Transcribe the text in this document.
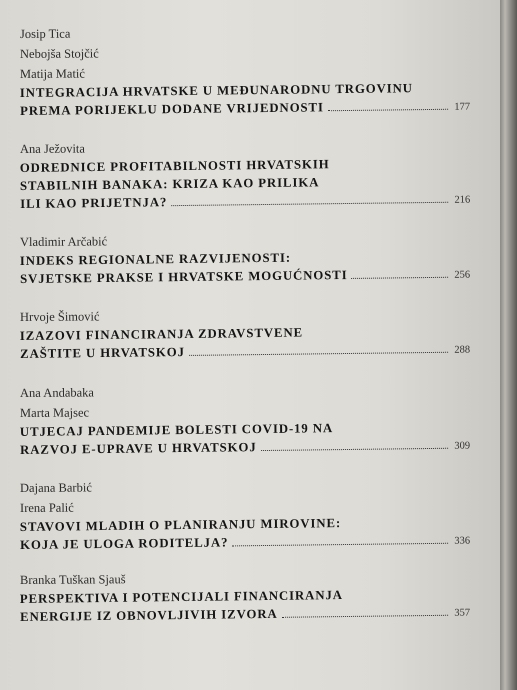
Josip Tica
Nebojša Stojčić
Matija Matić
INTEGRACIJA HRVATSKE U MEĐUNARODNU TRGOVINU
PREMA PORIJEKLU DODANE VRIJEDNOSTI	177
Ana Ježovita
ODREDNICE PROFITABILNOSTI HRVATSKIH
STABILNIH BANAKA: KRIZA KAO PRILIKA
ILI KAO PRIJETNJA?	216
Vladimir Arčabić
INDEKS REGIONALNE RAZVIJENOSTI:
SVJETSKE PRAKSE I HRVATSKE MOGUĆNOSTI	256
Hrvoje Šimović
IZAZOVI FINANCIRANJA ZDRAVSTVENE
ZAŠTITE U HRVATSKOJ	288
Ana Andabaka
Marta Majsec
UTJECAJ PANDEMIJE BOLESTI COVID-19 NA
RAZVOJ E-UPRAVE U HRVATSKOJ	309
Dajana Barbić
Irena Palić
STAVOVI MLADIH O PLANIRANJU MIROVINE:
KOJA JE ULOGA RODITELJA?	336
Branka Tuškan Sjauš
PERSPEKTIVA I POTENCIJALI FINANCIRANJA
ENERGIJE IZ OBNOVLJIVIH IZVORA	357
